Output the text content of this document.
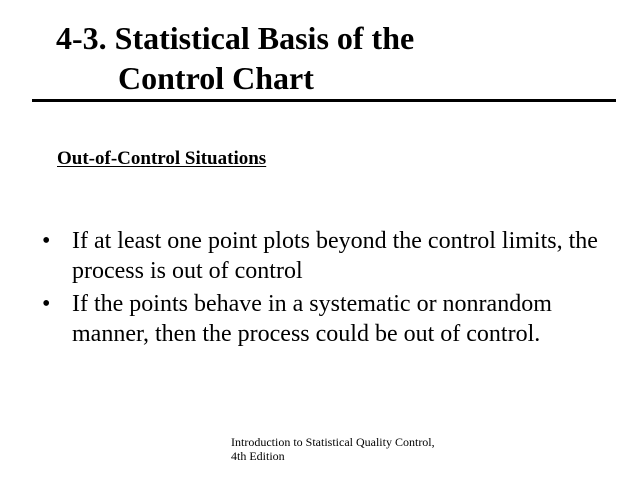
4-3. Statistical Basis of the
Control Chart
Out-of-Control Situations
• If at least one point plots beyond the control limits, the process is out of control
• If the points behave in a systematic or nonrandom manner, then the process could be out of control.
Introduction to Statistical Quality Control,
4th Edition
